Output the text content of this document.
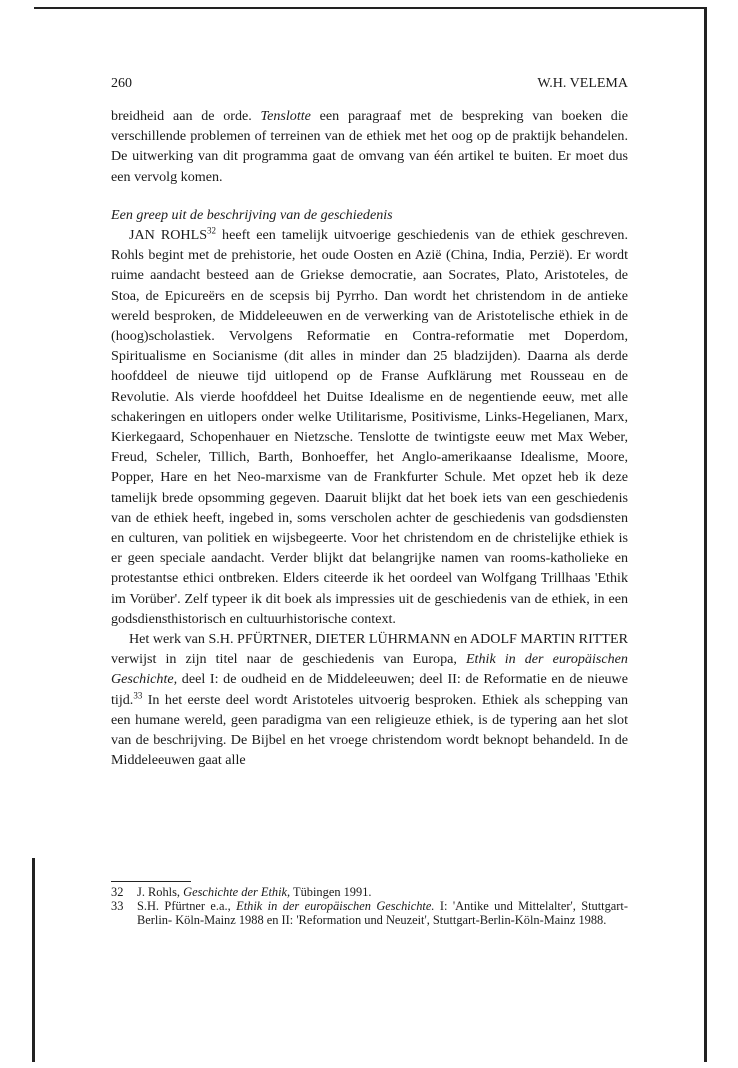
260	W.H. VELEMA

breidheid aan de orde. Tenslotte een paragraaf met de bespreking van boeken die verschillende problemen of terreinen van de ethiek met het oog op de praktijk behandelen. De uitwerking van dit programma gaat de omvang van één artikel te buiten. Er moet dus een vervolg komen.

Een greep uit de beschrijving van de geschiedenis

JAN ROHLS$^{32}$ heeft een tamelijk uitvoerige geschiedenis van de ethiek geschreven. Rohls begint met de prehistorie, het oude Oosten en Azië (China, India, Perzië). Er wordt ruime aandacht besteed aan de Griekse democratie, aan Socrates, Plato, Aristoteles, de Stoa, de Epicureërs en de scepsis bij Pyrrho. Dan wordt het christendom in de antieke wereld besproken, de Middeleeuwen en de verwerking van de Aristotelische ethiek in de (hoog)scholastiek. Vervolgens Reformatie en Contra-reformatie met Doperdom, Spiritualisme en Socianisme (dit alles in minder dan 25 bladzijden). Daarna als derde hoofddeel de nieuwe tijd uitlopend op de Franse Aufklärung met Rousseau en de Revolutie. Als vierde hoofddeel het Duitse Idealisme en de negentiende eeuw, met alle schakeringen en uitlopers onder welke Utilitarisme, Positivisme, Links-Hegelianen, Marx, Kierkegaard, Schopenhauer en Nietzsche. Tenslotte de twintigste eeuw met Max Weber, Freud, Scheler, Tillich, Barth, Bonhoeffer, het Anglo-amerikaanse Idealisme, Moore, Popper, Hare en het Neo-marxisme van de Frankfurter Schule. Met opzet heb ik deze tamelijk brede opsomming gegeven. Daaruit blijkt dat het boek iets van een geschiedenis van de ethiek heeft, ingebed in, soms verscholen achter de geschiedenis van godsdiensten en culturen, van politiek en wijsbegeerte. Voor het christendom en de christelijke ethiek is er geen speciale aandacht. Verder blijkt dat belangrijke namen van rooms-katholieke en protestantse ethici ontbreken. Elders citeerde ik het oordeel van Wolfgang Trillhaas 'Ethik im Vorüber'. Zelf typeer ik dit boek als impressies uit de geschiedenis van de ethiek, in een godsdiensthistorisch en cultuurhistorische context.

Het werk van S.H. PFÜRTNER, DIETER LÜHRMANN en ADOLF MARTIN RITTER verwijst in zijn titel naar de geschiedenis van Europa, Ethik in der europäischen Geschichte, deel I: de oudheid en de Middeleeuwen; deel II: de Reformatie en de nieuwe tijd.$^{33}$ In het eerste deel wordt Aristoteles uitvoerig besproken. Ethiek als schepping van een humane wereld, geen paradigma van een religieuze ethiek, is de typering aan het slot van de beschrijving. De Bijbel en het vroege christendom wordt beknopt behandeld. In de Middeleeuwen gaat alle

32 J. Rohls, Geschichte der Ethik, Tübingen 1991.

33 S.H. Pfürtner e.a., Ethik in der europäischen Geschichte. I: 'Antike und Mittelalter', Stuttgart-Berlin- Köln-Mainz 1988 en II: 'Reformation und Neuzeit', Stuttgart-Berlin-Köln-Mainz 1988.
